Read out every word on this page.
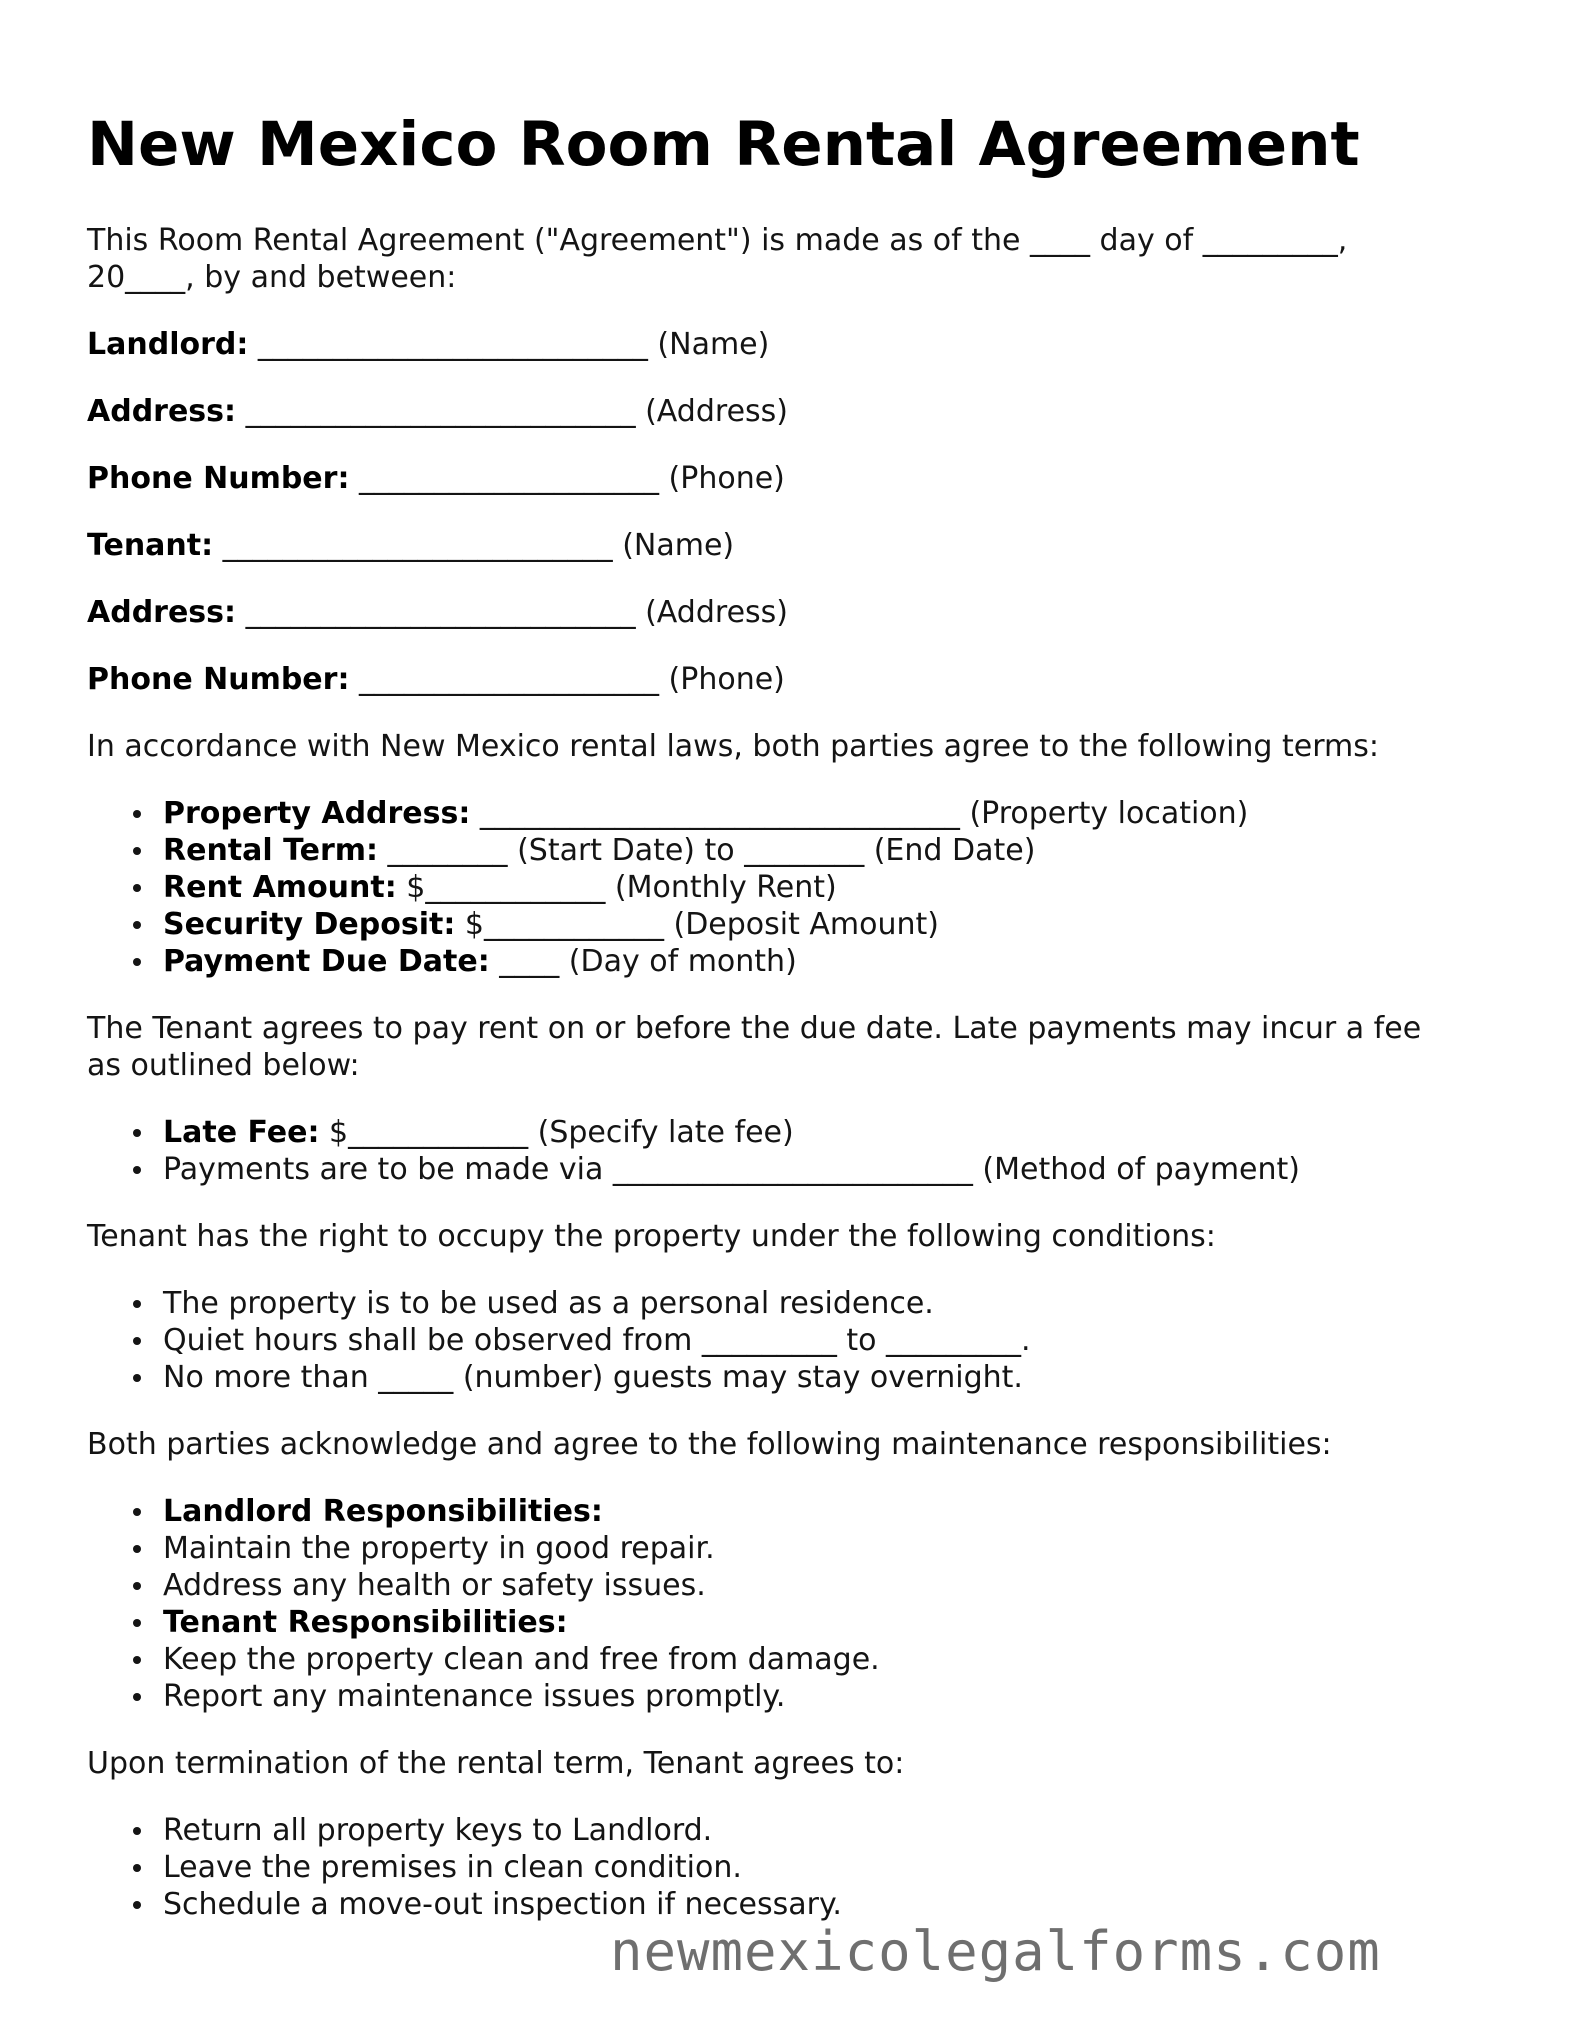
New Mexico Room Rental Agreement

This Room Rental Agreement ("Agreement") is made as of the ____ day of _________,
20____, by and between:

Landlord: __________________________ (Name)

Address: __________________________ (Address)

Phone Number: ____________________ (Phone)

Tenant: __________________________ (Name)

Address: __________________________ (Address)

Phone Number: ____________________ (Phone)

In accordance with New Mexico rental laws, both parties agree to the following terms:

Property Address: ________________________________ (Property location)
Rental Term: ________ (Start Date) to ________ (End Date)
Rent Amount: $____________ (Monthly Rent)
Security Deposit: $____________ (Deposit Amount)
Payment Due Date: ____ (Day of month)

The Tenant agrees to pay rent on or before the due date. Late payments may incur a fee
as outlined below:

Late Fee: $____________ (Specify late fee)
Payments are to be made via ________________________ (Method of payment)

Tenant has the right to occupy the property under the following conditions:

The property is to be used as a personal residence.
Quiet hours shall be observed from _________ to _________.
No more than _____ (number) guests may stay overnight.

Both parties acknowledge and agree to the following maintenance responsibilities:

Landlord Responsibilities:
Maintain the property in good repair.
Address any health or safety issues.
Tenant Responsibilities:
Keep the property clean and free from damage.
Report any maintenance issues promptly.

Upon termination of the rental term, Tenant agrees to:

Return all property keys to Landlord.
Leave the premises in clean condition.
Schedule a move-out inspection if necessary.
newmexicolegalforms.com
